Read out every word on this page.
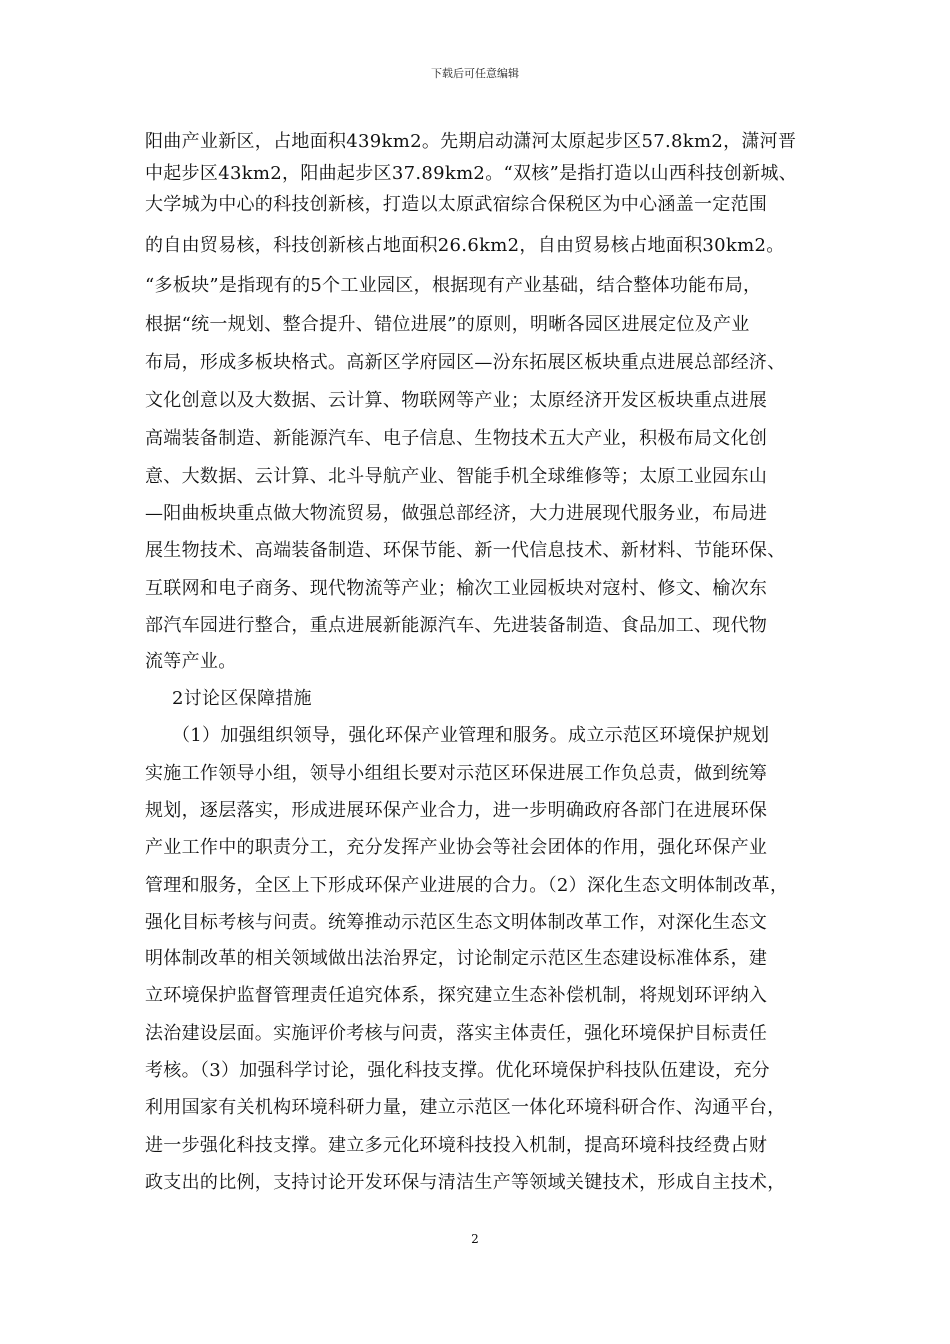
下载后可任意编辑
阳曲产业新区，占地面积439km2。先期启动潇河太原起步区57.8km2，潇河晋
中起步区43km2，阳曲起步区37.89km2。“双核”是指打造以山西科技创新城、
大学城为中心的科技创新核，打造以太原武宿综合保税区为中心涵盖一定范围
的自由贸易核，科技创新核占地面积26.6km2，自由贸易核占地面积30km2。
“多板块”是指现有的5个工业园区，根据现有产业基础，结合整体功能布局，
根据“统一规划、整合提升、错位进展”的原则，明晰各园区进展定位及产业
布局，形成多板块格式。高新区学府园区—汾东拓展区板块重点进展总部经济、
文化创意以及大数据、云计算、物联网等产业；太原经济开发区板块重点进展
高端装备制造、新能源汽车、电子信息、生物技术五大产业，积极布局文化创
意、大数据、云计算、北斗导航产业、智能手机全球维修等；太原工业园东山
—阳曲板块重点做大物流贸易，做强总部经济，大力进展现代服务业，布局进
展生物技术、高端装备制造、环保节能、新一代信息技术、新材料、节能环保、
互联网和电子商务、现代物流等产业；榆次工业园板块对寇村、修文、榆次东
部汽车园进行整合，重点进展新能源汽车、先进装备制造、食品加工、现代物
流等产业。
2讨论区保障措施
（1）加强组织领导，强化环保产业管理和服务。成立示范区环境保护规划
实施工作领导小组，领导小组组长要对示范区环保进展工作负总责，做到统筹
规划，逐层落实，形成进展环保产业合力，进一步明确政府各部门在进展环保
产业工作中的职责分工，充分发挥产业协会等社会团体的作用，强化环保产业
管理和服务，全区上下形成环保产业进展的合力。（2）深化生态文明体制改革，
强化目标考核与问责。统筹推动示范区生态文明体制改革工作，对深化生态文
明体制改革的相关领域做出法治界定，讨论制定示范区生态建设标准体系，建
立环境保护监督管理责任追究体系，探究建立生态补偿机制，将规划环评纳入
法治建设层面。实施评价考核与问责，落实主体责任，强化环境保护目标责任
考核。（3）加强科学讨论，强化科技支撑。优化环境保护科技队伍建设，充分
利用国家有关机构环境科研力量，建立示范区一体化环境科研合作、沟通平台，
进一步强化科技支撑。建立多元化环境科技投入机制，提高环境科技经费占财
政支出的比例，支持讨论开发环保与清洁生产等领域关键技术，形成自主技术，
2
